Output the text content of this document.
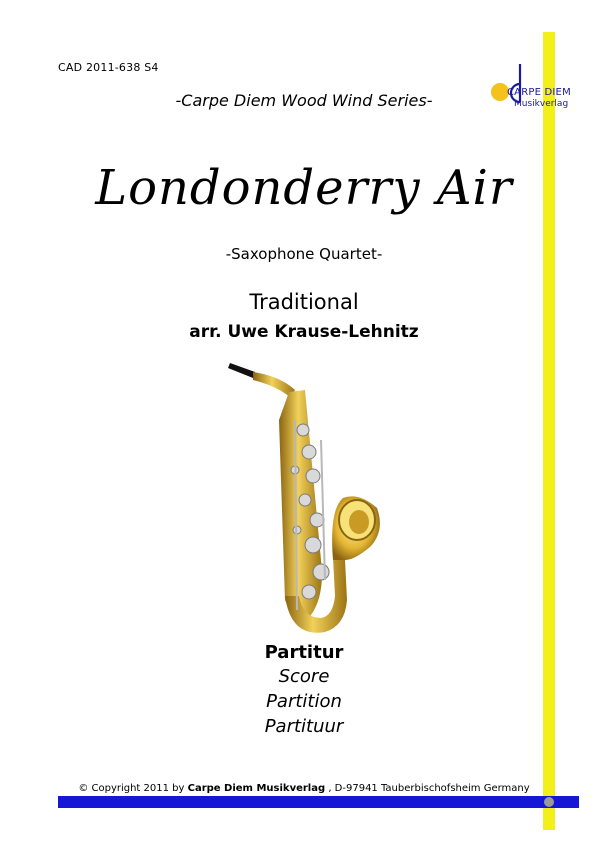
CAD 2011-638 S4
CARPE DIEM
Musikverlag
-Carpe Diem Wood Wind Series-
Londonderry Air
-Saxophone Quartet-
Traditional
arr. Uwe Krause-Lehnitz
Partitur
Score
Partition
Partituur
© Copyright 2011 by Carpe Diem Musikverlag , D-97941 Tauberbischofsheim Germany
